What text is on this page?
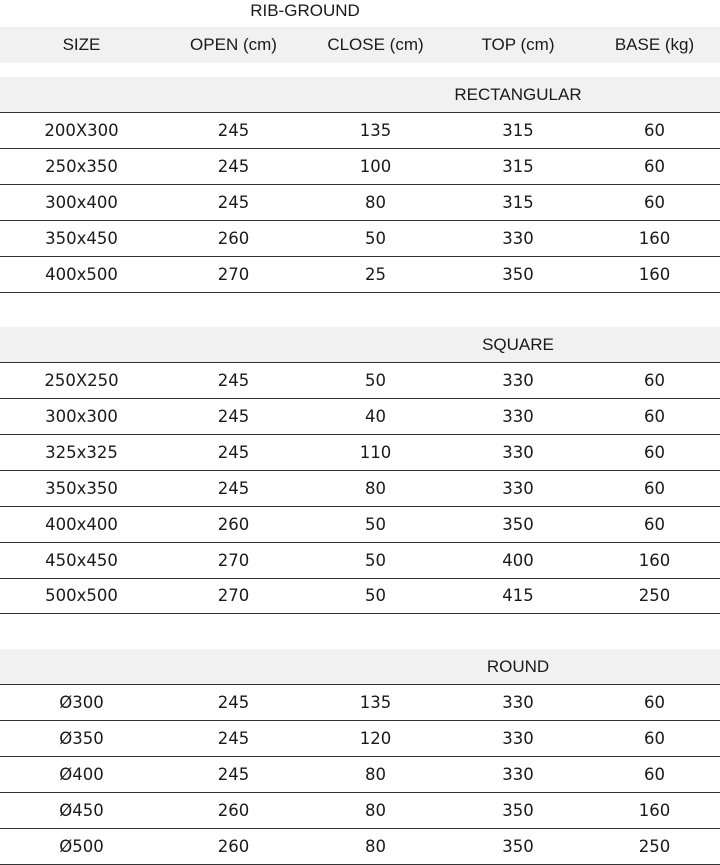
RIB-GROUND
SIZE	OPEN (cm)	CLOSE (cm)	TOP (cm)	BASE (kg)
RECTANGULAR
200X300	245	135	315	60
250x350	245	100	315	60
300x400	245	80	315	60
350x450	260	50	330	160
400x500	270	25	350	160
SQUARE
250X250	245	50	330	60
300x300	245	40	330	60
325x325	245	110	330	60
350x350	245	80	330	60
400x400	260	50	350	60
450x450	270	50	400	160
500x500	270	50	415	250
ROUND
Ø300	245	135	330	60
Ø350	245	120	330	60
Ø400	245	80	330	60
Ø450	260	80	350	160
Ø500	260	80	350	250
